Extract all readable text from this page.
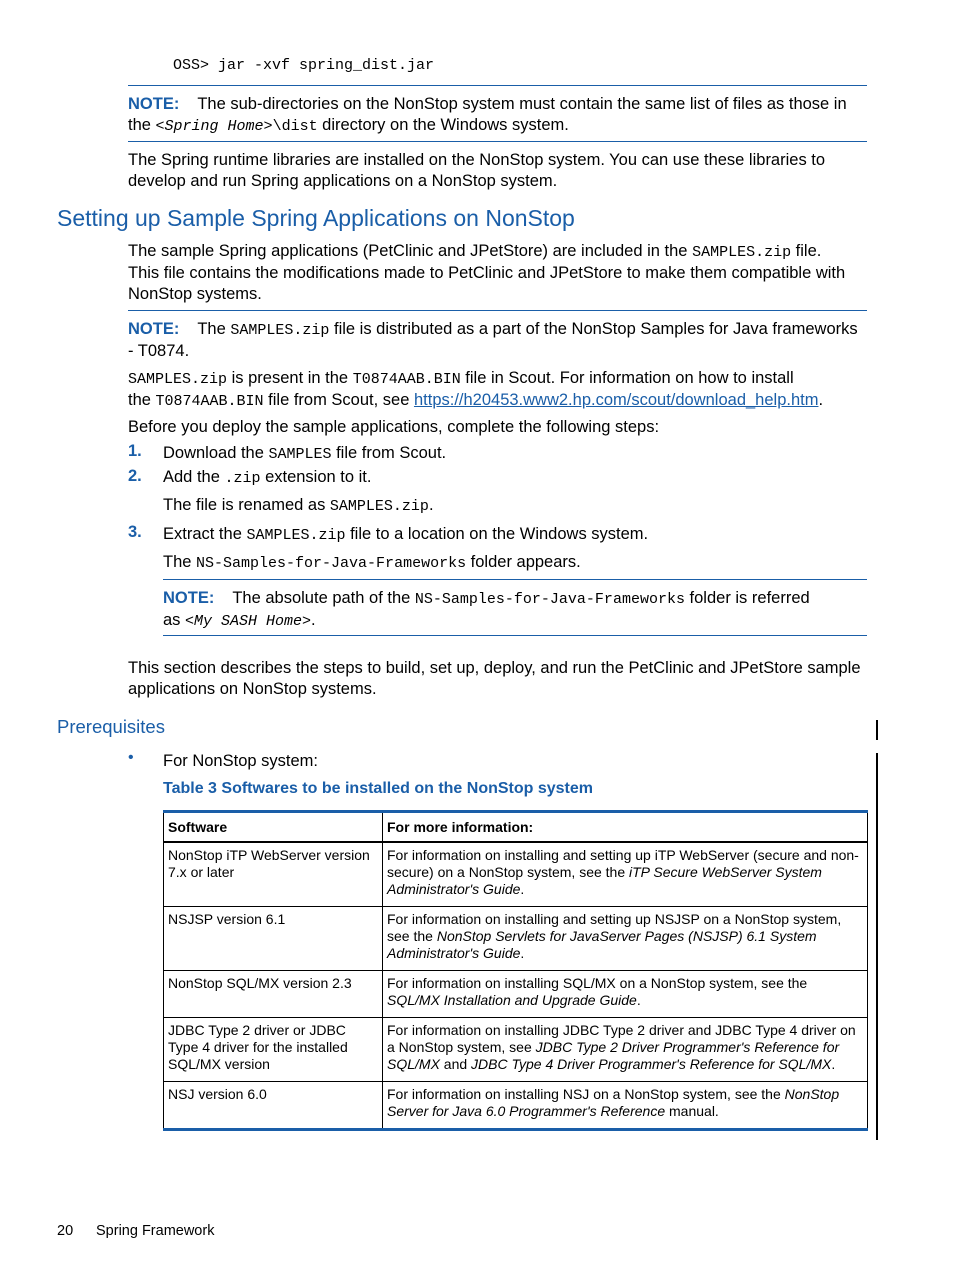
OSS> jar -xvf spring_dist.jar
NOTE: The sub-directories on the NonStop system must contain the same list of files as those in
the <Spring Home>\dist directory on the Windows system.
The Spring runtime libraries are installed on the NonStop system. You can use these libraries to
develop and run Spring applications on a NonStop system.
Setting up Sample Spring Applications on NonStop
The sample Spring applications (PetClinic and JPetStore) are included in the SAMPLES.zip file.
This file contains the modifications made to PetClinic and JPetStore to make them compatible with
NonStop systems.
NOTE: The SAMPLES.zip file is distributed as a part of the NonStop Samples for Java frameworks
- T0874.
SAMPLES.zip is present in the T0874AAB.BIN file in Scout. For information on how to install
the T0874AAB.BIN file from Scout, see https://h20453.www2.hp.com/scout/download_help.htm.
Before you deploy the sample applications, complete the following steps:
1. Download the SAMPLES file from Scout.
2. Add the .zip extension to it.
The file is renamed as SAMPLES.zip.
3. Extract the SAMPLES.zip file to a location on the Windows system.
The NS-Samples-for-Java-Frameworks folder appears.
NOTE: The absolute path of the NS-Samples-for-Java-Frameworks folder is referred
as <My SASH Home>.
This section describes the steps to build, set up, deploy, and run the PetClinic and JPetStore sample
applications on NonStop systems.
Prerequisites
• For NonStop system:
Table 3 Softwares to be installed on the NonStop system
Software	For more information:
NonStop iTP WebServer version 7.x or later	For information on installing and setting up iTP WebServer (secure and non-secure) on a NonStop system, see the iTP Secure WebServer System Administrator's Guide.
NSJSP version 6.1	For information on installing and setting up NSJSP on a NonStop system, see the NonStop Servlets for JavaServer Pages (NSJSP) 6.1 System Administrator's Guide.
NonStop SQL/MX version 2.3	For information on installing SQL/MX on a NonStop system, see the SQL/MX Installation and Upgrade Guide.
JDBC Type 2 driver or JDBC Type 4 driver for the installed SQL/MX version	For information on installing JDBC Type 2 driver and JDBC Type 4 driver on a NonStop system, see JDBC Type 2 Driver Programmer's Reference for SQL/MX and JDBC Type 4 Driver Programmer's Reference for SQL/MX.
NSJ version 6.0	For information on installing NSJ on a NonStop system, see the NonStop Server for Java 6.0 Programmer's Reference manual.
20 Spring Framework
